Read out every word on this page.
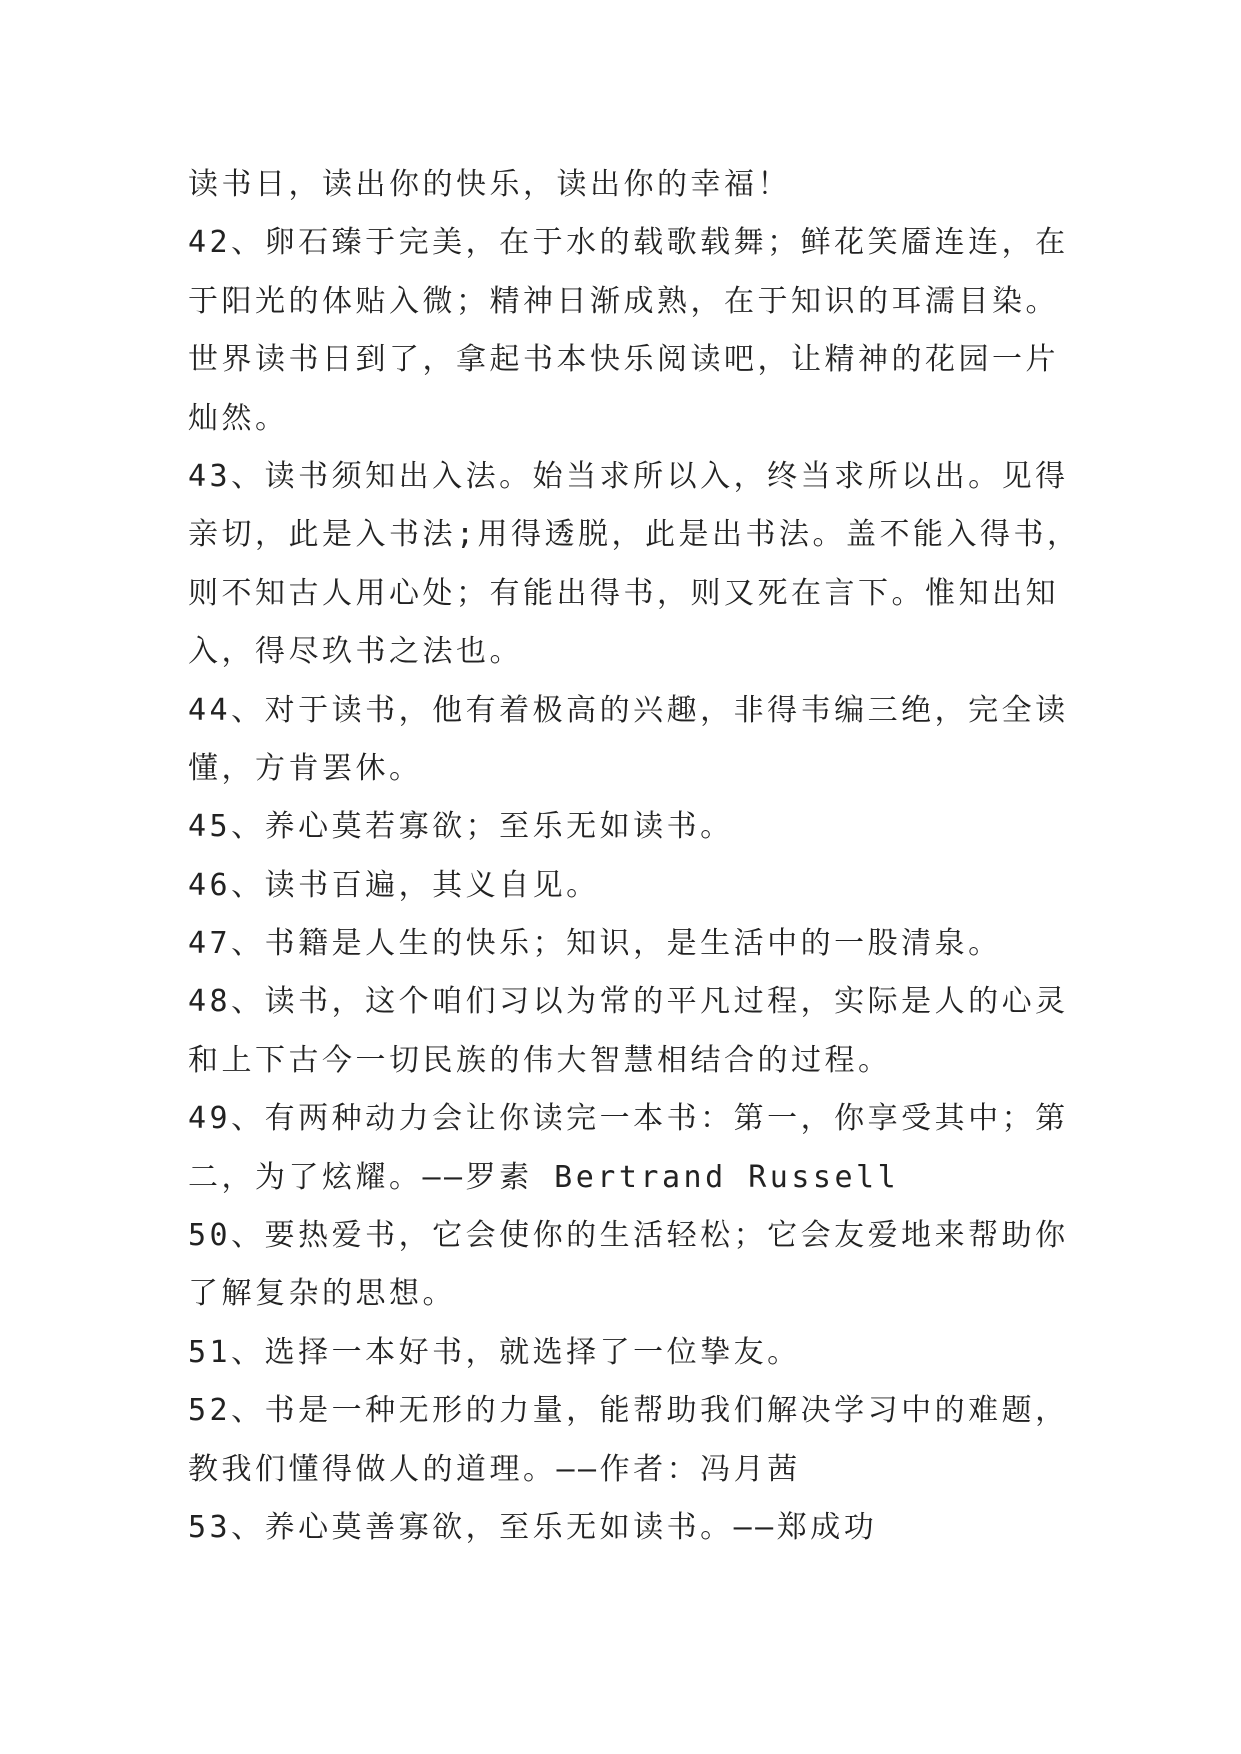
读书日，读出你的快乐，读出你的幸福！
42、卵石臻于完美，在于水的载歌载舞；鲜花笑靥连连，在
于阳光的体贴入微；精神日渐成熟，在于知识的耳濡目染。
世界读书日到了，拿起书本快乐阅读吧，让精神的花园一片
灿然。
43、读书须知出入法。始当求所以入，终当求所以出。见得
亲切，此是入书法;用得透脱，此是出书法。盖不能入得书，
则不知古人用心处；有能出得书，则又死在言下。惟知出知
入，得尽玖书之法也。
44、对于读书，他有着极高的兴趣，非得韦编三绝，完全读
懂，方肯罢休。
45、养心莫若寡欲；至乐无如读书。
46、读书百遍，其义自见。
47、书籍是人生的快乐；知识，是生活中的一股清泉。
48、读书，这个咱们习以为常的平凡过程，实际是人的心灵
和上下古今一切民族的伟大智慧相结合的过程。
49、有两种动力会让你读完一本书：第一，你享受其中；第
二，为了炫耀。——罗素 Bertrand Russell
50、要热爱书，它会使你的生活轻松；它会友爱地来帮助你
了解复杂的思想。
51、选择一本好书，就选择了一位挚友。
52、书是一种无形的力量，能帮助我们解决学习中的难题，
教我们懂得做人的道理。——作者：冯月茜
53、养心莫善寡欲，至乐无如读书。——郑成功
